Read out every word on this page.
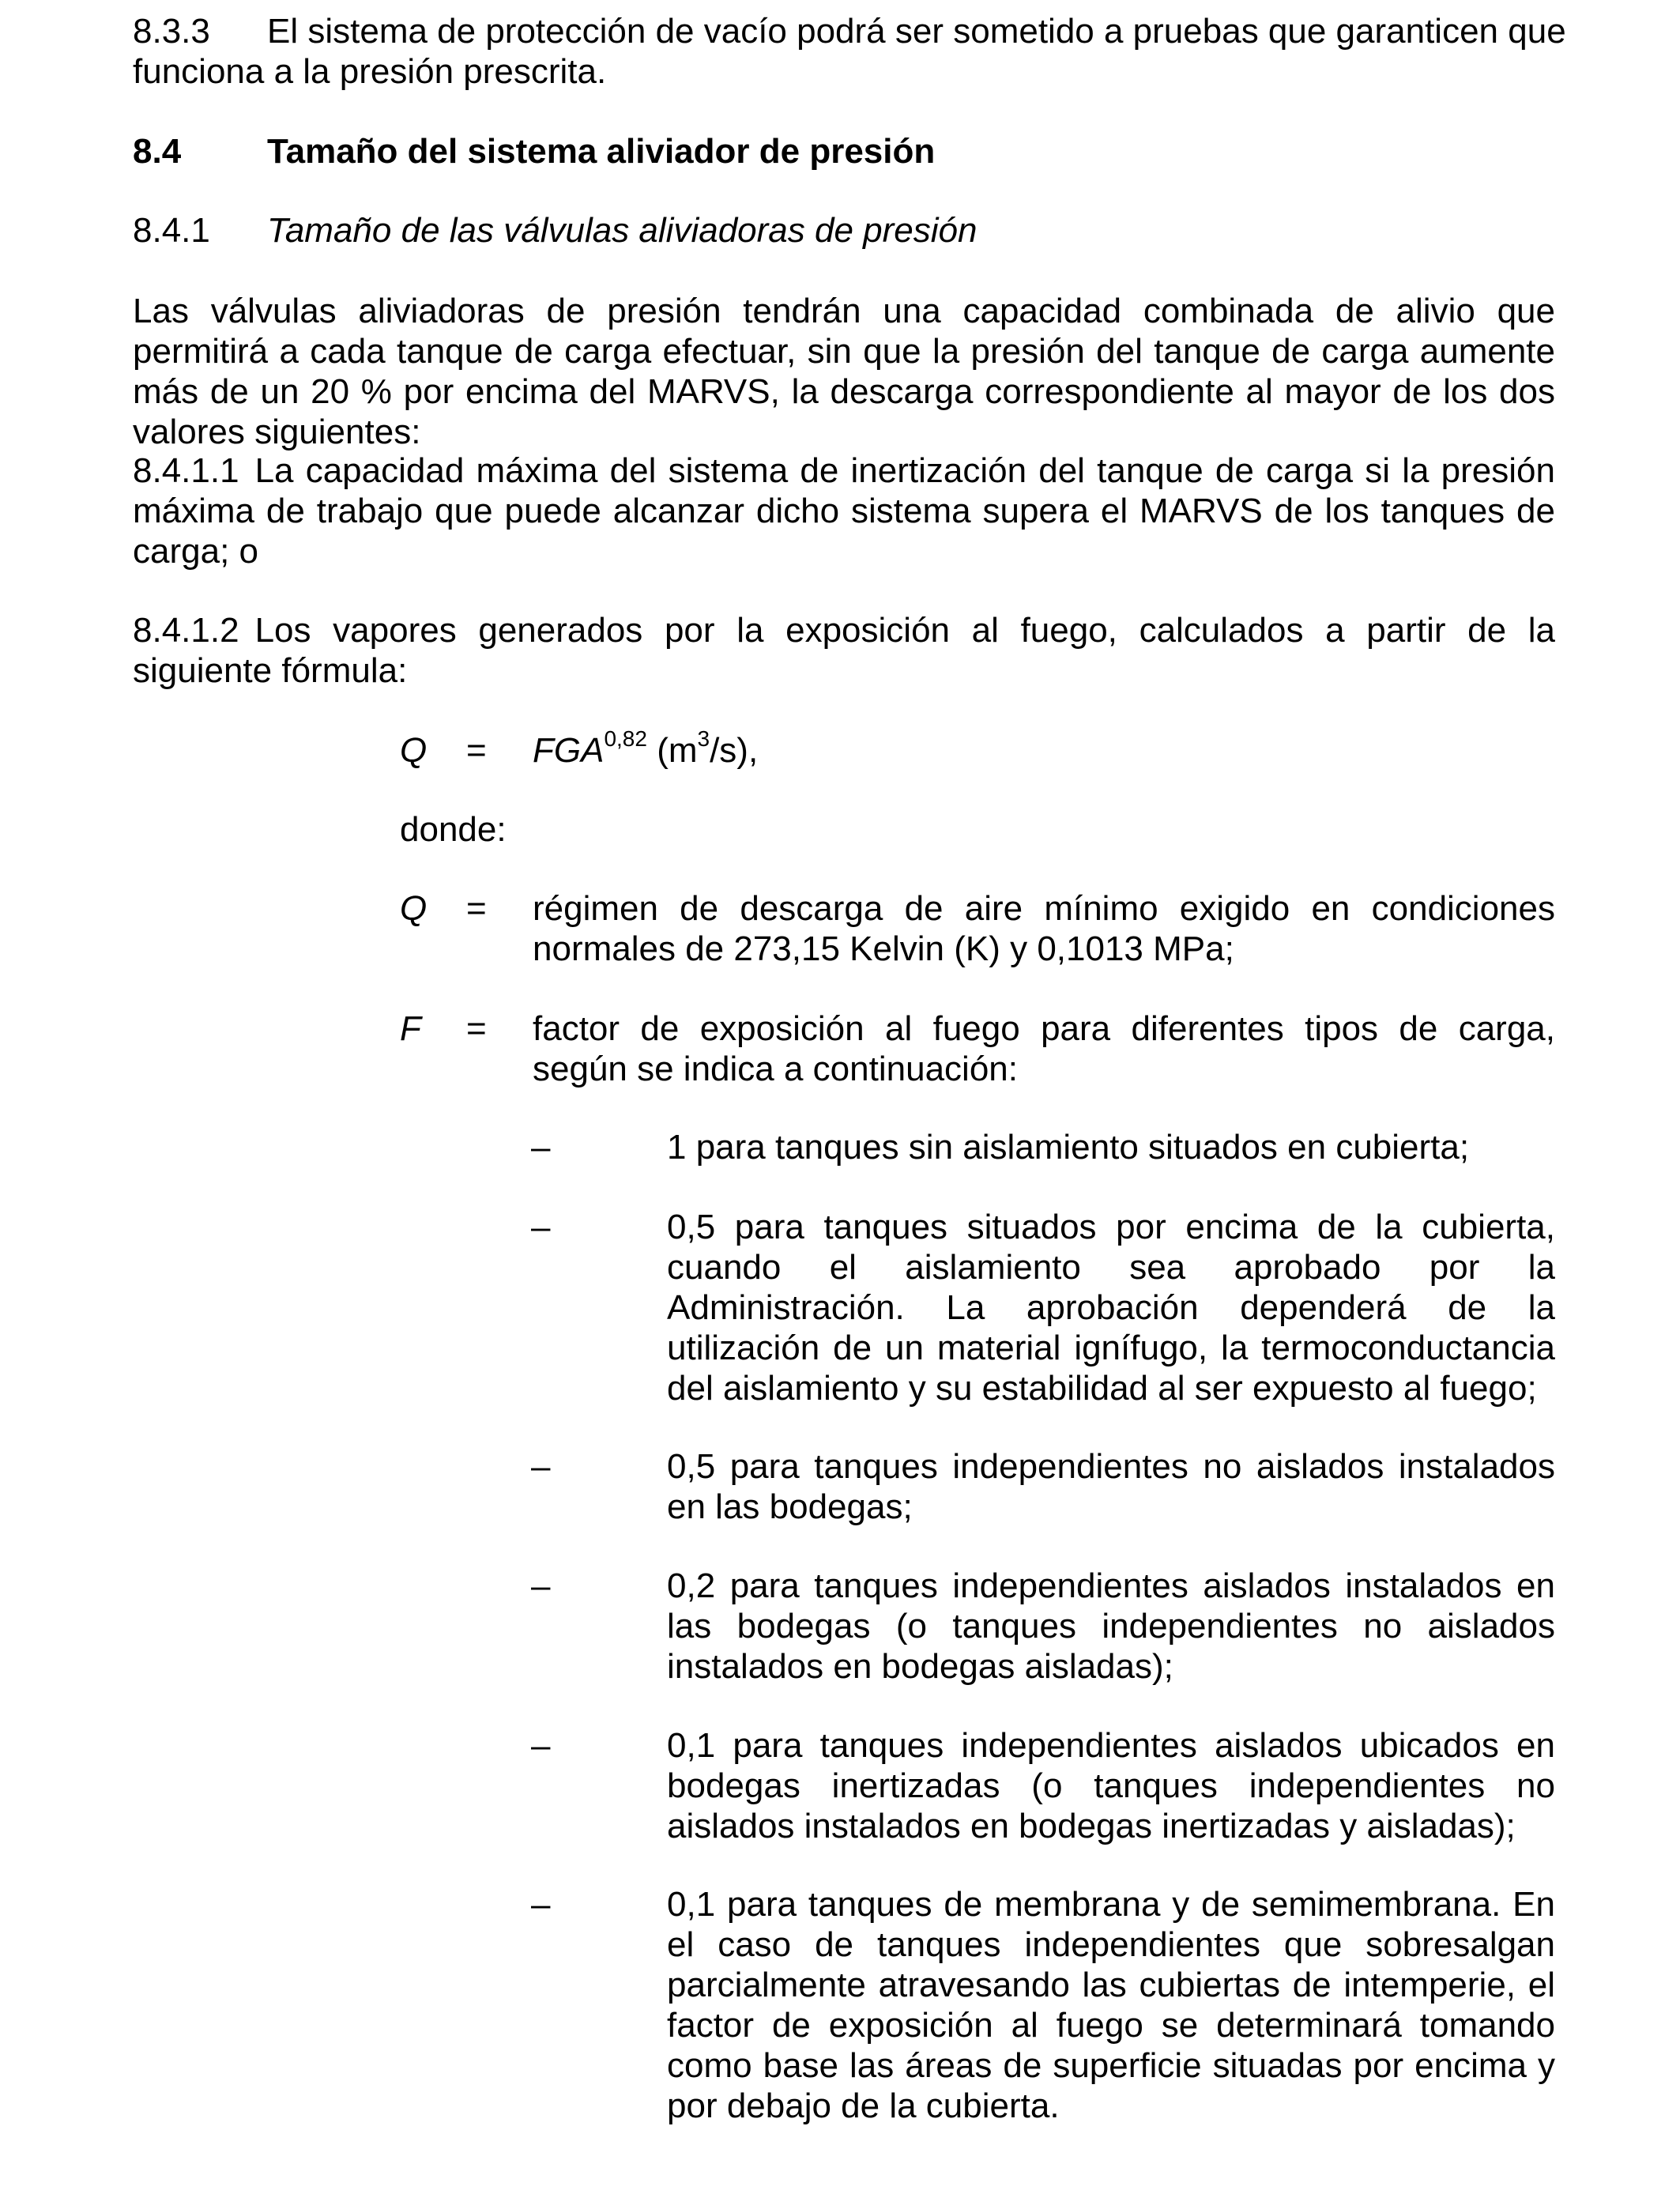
8.3.3 El sistema de protección de vacío podrá ser sometido a pruebas que garanticen que
funciona a la presión prescrita.
8.4 Tamaño del sistema aliviador de presión
8.4.1 Tamaño de las válvulas aliviadoras de presión
Las válvulas aliviadoras de presión tendrán una capacidad combinada de alivio que permitirá a cada tanque de carga efectuar, sin que la presión del tanque de carga aumente más de un 20 % por encima del MARVS, la descarga correspondiente al mayor de los dos valores siguientes:
8.4.1.1 La capacidad máxima del sistema de inertización del tanque de carga si la presión máxima de trabajo que puede alcanzar dicho sistema supera el MARVS de los tanques de carga; o
8.4.1.2 Los vapores generados por la exposición al fuego, calculados a partir de la siguiente fórmula:
Q = FGA$^{0,82}$ $(m^3/s)$,
donde:
Q = régimen de descarga de aire mínimo exigido en condiciones normales de 273,15 Kelvin (K) y 0,1013 MPa;
F = factor de exposición al fuego para diferentes tipos de carga, según se indica a continuación:
–	1 para tanques sin aislamiento situados en cubierta;
–	0,5 para tanques situados por encima de la cubierta, cuando el aislamiento sea aprobado por la Administración. La aprobación dependerá de la utilización de un material ignífugo, la termoconductancia del aislamiento y su estabilidad al ser expuesto al fuego;
–	0,5 para tanques independientes no aislados instalados en las bodegas;
–	0,2 para tanques independientes aislados instalados en las bodegas (o tanques independientes no aislados instalados en bodegas aisladas);
–	0,1 para tanques independientes aislados ubicados en bodegas inertizadas (o tanques independientes no aislados instalados en bodegas inertizadas y aisladas);
–	0,1 para tanques de membrana y de semimembrana. En el caso de tanques independientes que sobresalgan parcialmente atravesando las cubiertas de intemperie, el factor de exposición al fuego se determinará tomando como base las áreas de superficie situadas por encima y por debajo de la cubierta.
